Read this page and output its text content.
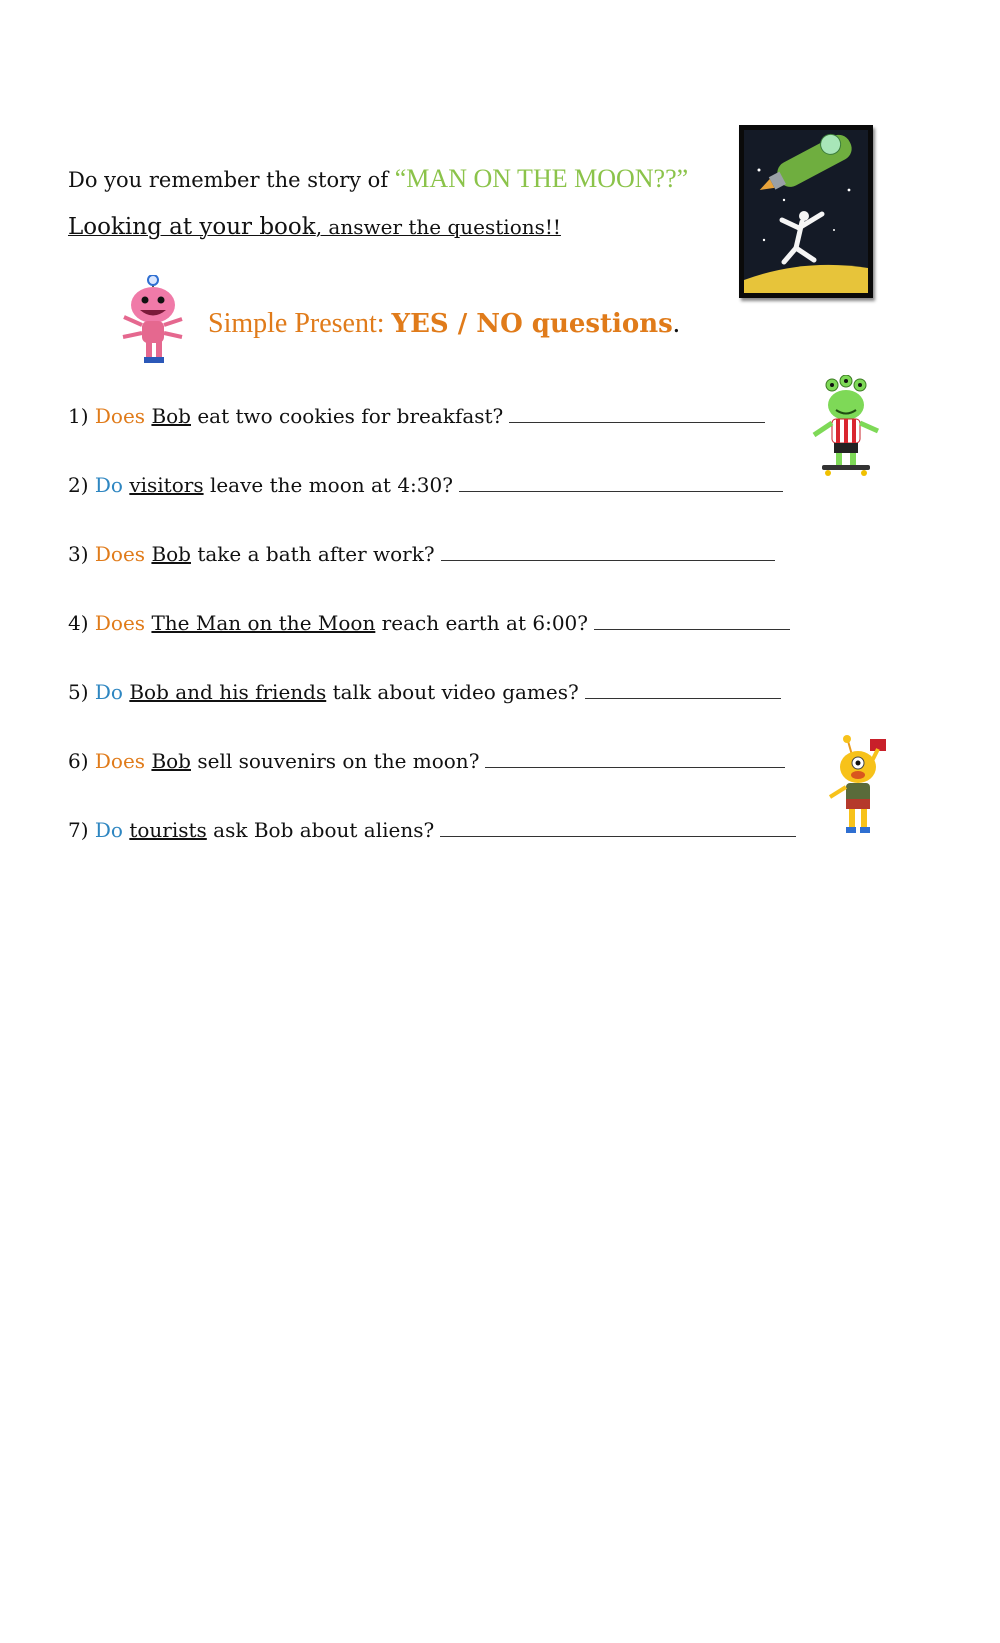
Do you remember the story of “MAN ON THE MOON??”
Looking at your book, answer the questions!!
Simple Present: YES / NO questions.
1) Does Bob eat two cookies for breakfast?
2) Do visitors leave the moon at 4:30?
3) Does Bob take a bath after work?
4) Does The Man on the Moon reach earth at 6:00?
5) Do Bob and his friends talk about video games?
6) Does Bob sell souvenirs on the moon?
7) Do tourists ask Bob about aliens?
